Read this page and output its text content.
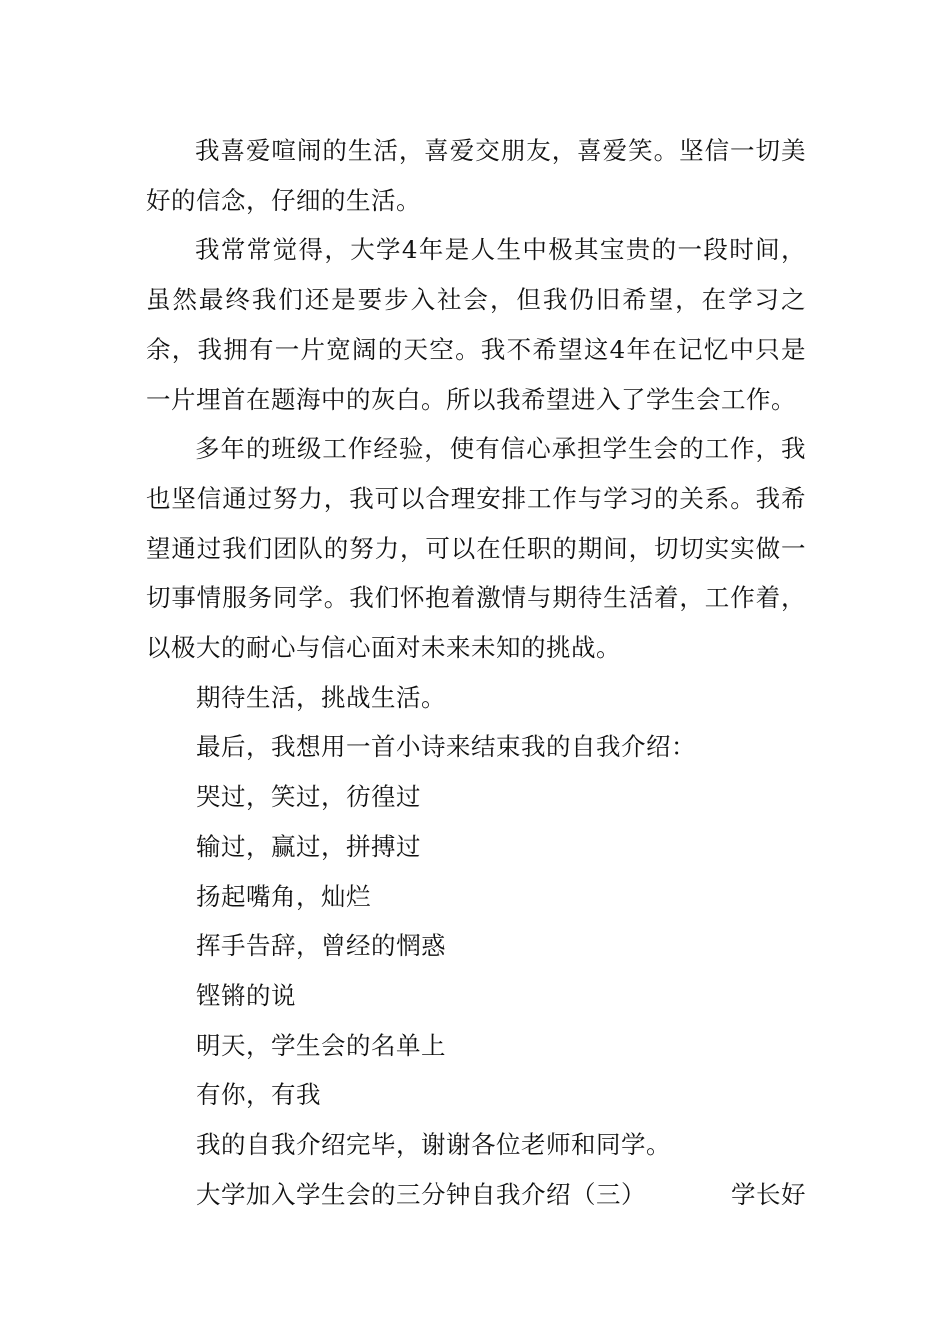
我喜爱喧闹的生活，喜爱交朋友，喜爱笑。坚信一切美好的信念，仔细的生活。

我常常觉得，大学4年是人生中极其宝贵的一段时间，虽然最终我们还是要步入社会，但我仍旧希望，在学习之余，我拥有一片宽阔的天空。我不希望这4年在记忆中只是一片埋首在题海中的灰白。所以我希望进入了学生会工作。

多年的班级工作经验，使有信心承担学生会的工作，我也坚信通过努力，我可以合理安排工作与学习的关系。我希望通过我们团队的努力，可以在任职的期间，切切实实做一切事情服务同学。我们怀抱着激情与期待生活着，工作着，以极大的耐心与信心面对未来未知的挑战。

期待生活，挑战生活。

最后，我想用一首小诗来结束我的自我介绍：

哭过，笑过，彷徨过

输过，赢过，拼搏过

扬起嘴角，灿烂

挥手告辞，曾经的惘惑

铿锵的说

明天，学生会的名单上

有你，有我

我的自我介绍完毕，谢谢各位老师和同学。

大学加入学生会的三分钟自我介绍（三）	学长好
